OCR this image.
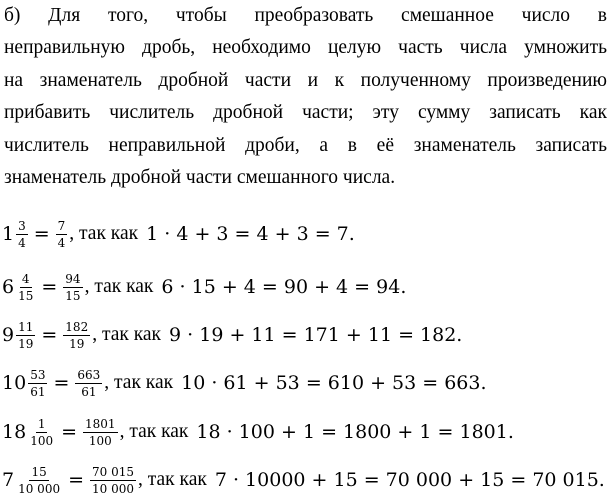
б) Для того, чтобы преобразовать смешанное число в
неправильную дробь, необходимо целую часть числа умножить
на знаменатель дробной части и к полученному произведению
прибавить числитель дробной части; эту сумму записать как
числитель неправильной дроби, а в её знаменатель записать
знаменатель дробной части смешанного числа.
$1 \frac{3}{4} = \frac{7}{4}$ , так как 1 · 4 + 3 = 4 + 3 = 7.
$6 \frac{4}{15} = \frac{94}{15}$ , так как 6 · 15 + 4 = 90 + 4 = 94.
$9 \frac{11}{19} = \frac{182}{19}$ , так как 9 · 19 + 11 = 171 + 11 = 182.
$10 \frac{53}{61} = \frac{663}{61}$ , так как 10 · 61 + 53 = 610 + 53 = 663.
$18 \frac{1}{100} = \frac{1801}{100}$ , так как 18 · 100 + 1 = 1800 + 1 = 1801.
$7 \frac{15}{10 000} = \frac{70 015}{10 000}$ , так как 7 · 10000 + 15 = 70 000 + 15 = 70 015.
